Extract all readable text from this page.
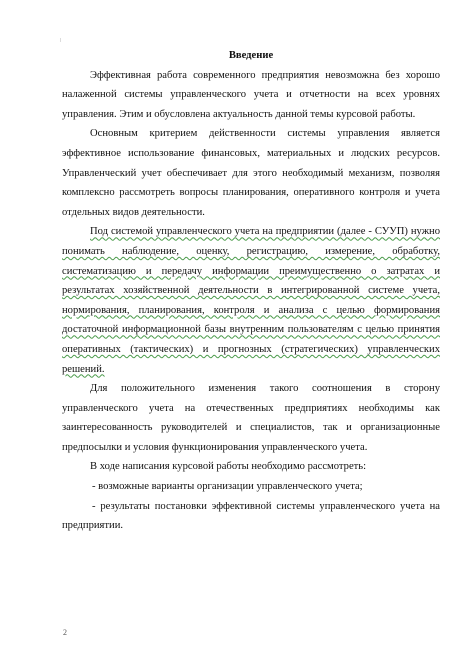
Введение

Эффективная работа современного предприятия невозможна без хорошо налаженной системы управленческого учета и отчетности на всех уровнях управления. Этим и обусловлена актуальность данной темы курсовой работы.

Основным критерием действенности системы управления является эффективное использование финансовых, материальных и людских ресурсов. Управленческий учет обеспечивает для этого необходимый механизм, позволяя комплексно рассмотреть вопросы планирования, оперативного контроля и учета отдельных видов деятельности.

Под системой управленческого учета на предприятии (далее - СУУП) нужно понимать наблюдение, оценку, регистрацию, измерение, обработку, систематизацию и передачу информации преимущественно о затратах и результатах хозяйственной деятельности в интегрированной системе учета, нормирования, планирования, контроля и анализа с целью формирования достаточной информационной базы внутренним пользователям с целью принятия оперативных (тактических) и прогнозных (стратегических) управленческих решений.

Для положительного изменения такого соотношения в сторону управленческого учета на отечественных предприятиях необходимы как заинтересованность руководителей и специалистов, так и организационные предпосылки и условия функционирования управленческого учета.

В ходе написания курсовой работы необходимо рассмотреть:

- возможные варианты организации управленческого учета;

- результаты постановки эффективной системы управленческого учета на предприятии.

2
